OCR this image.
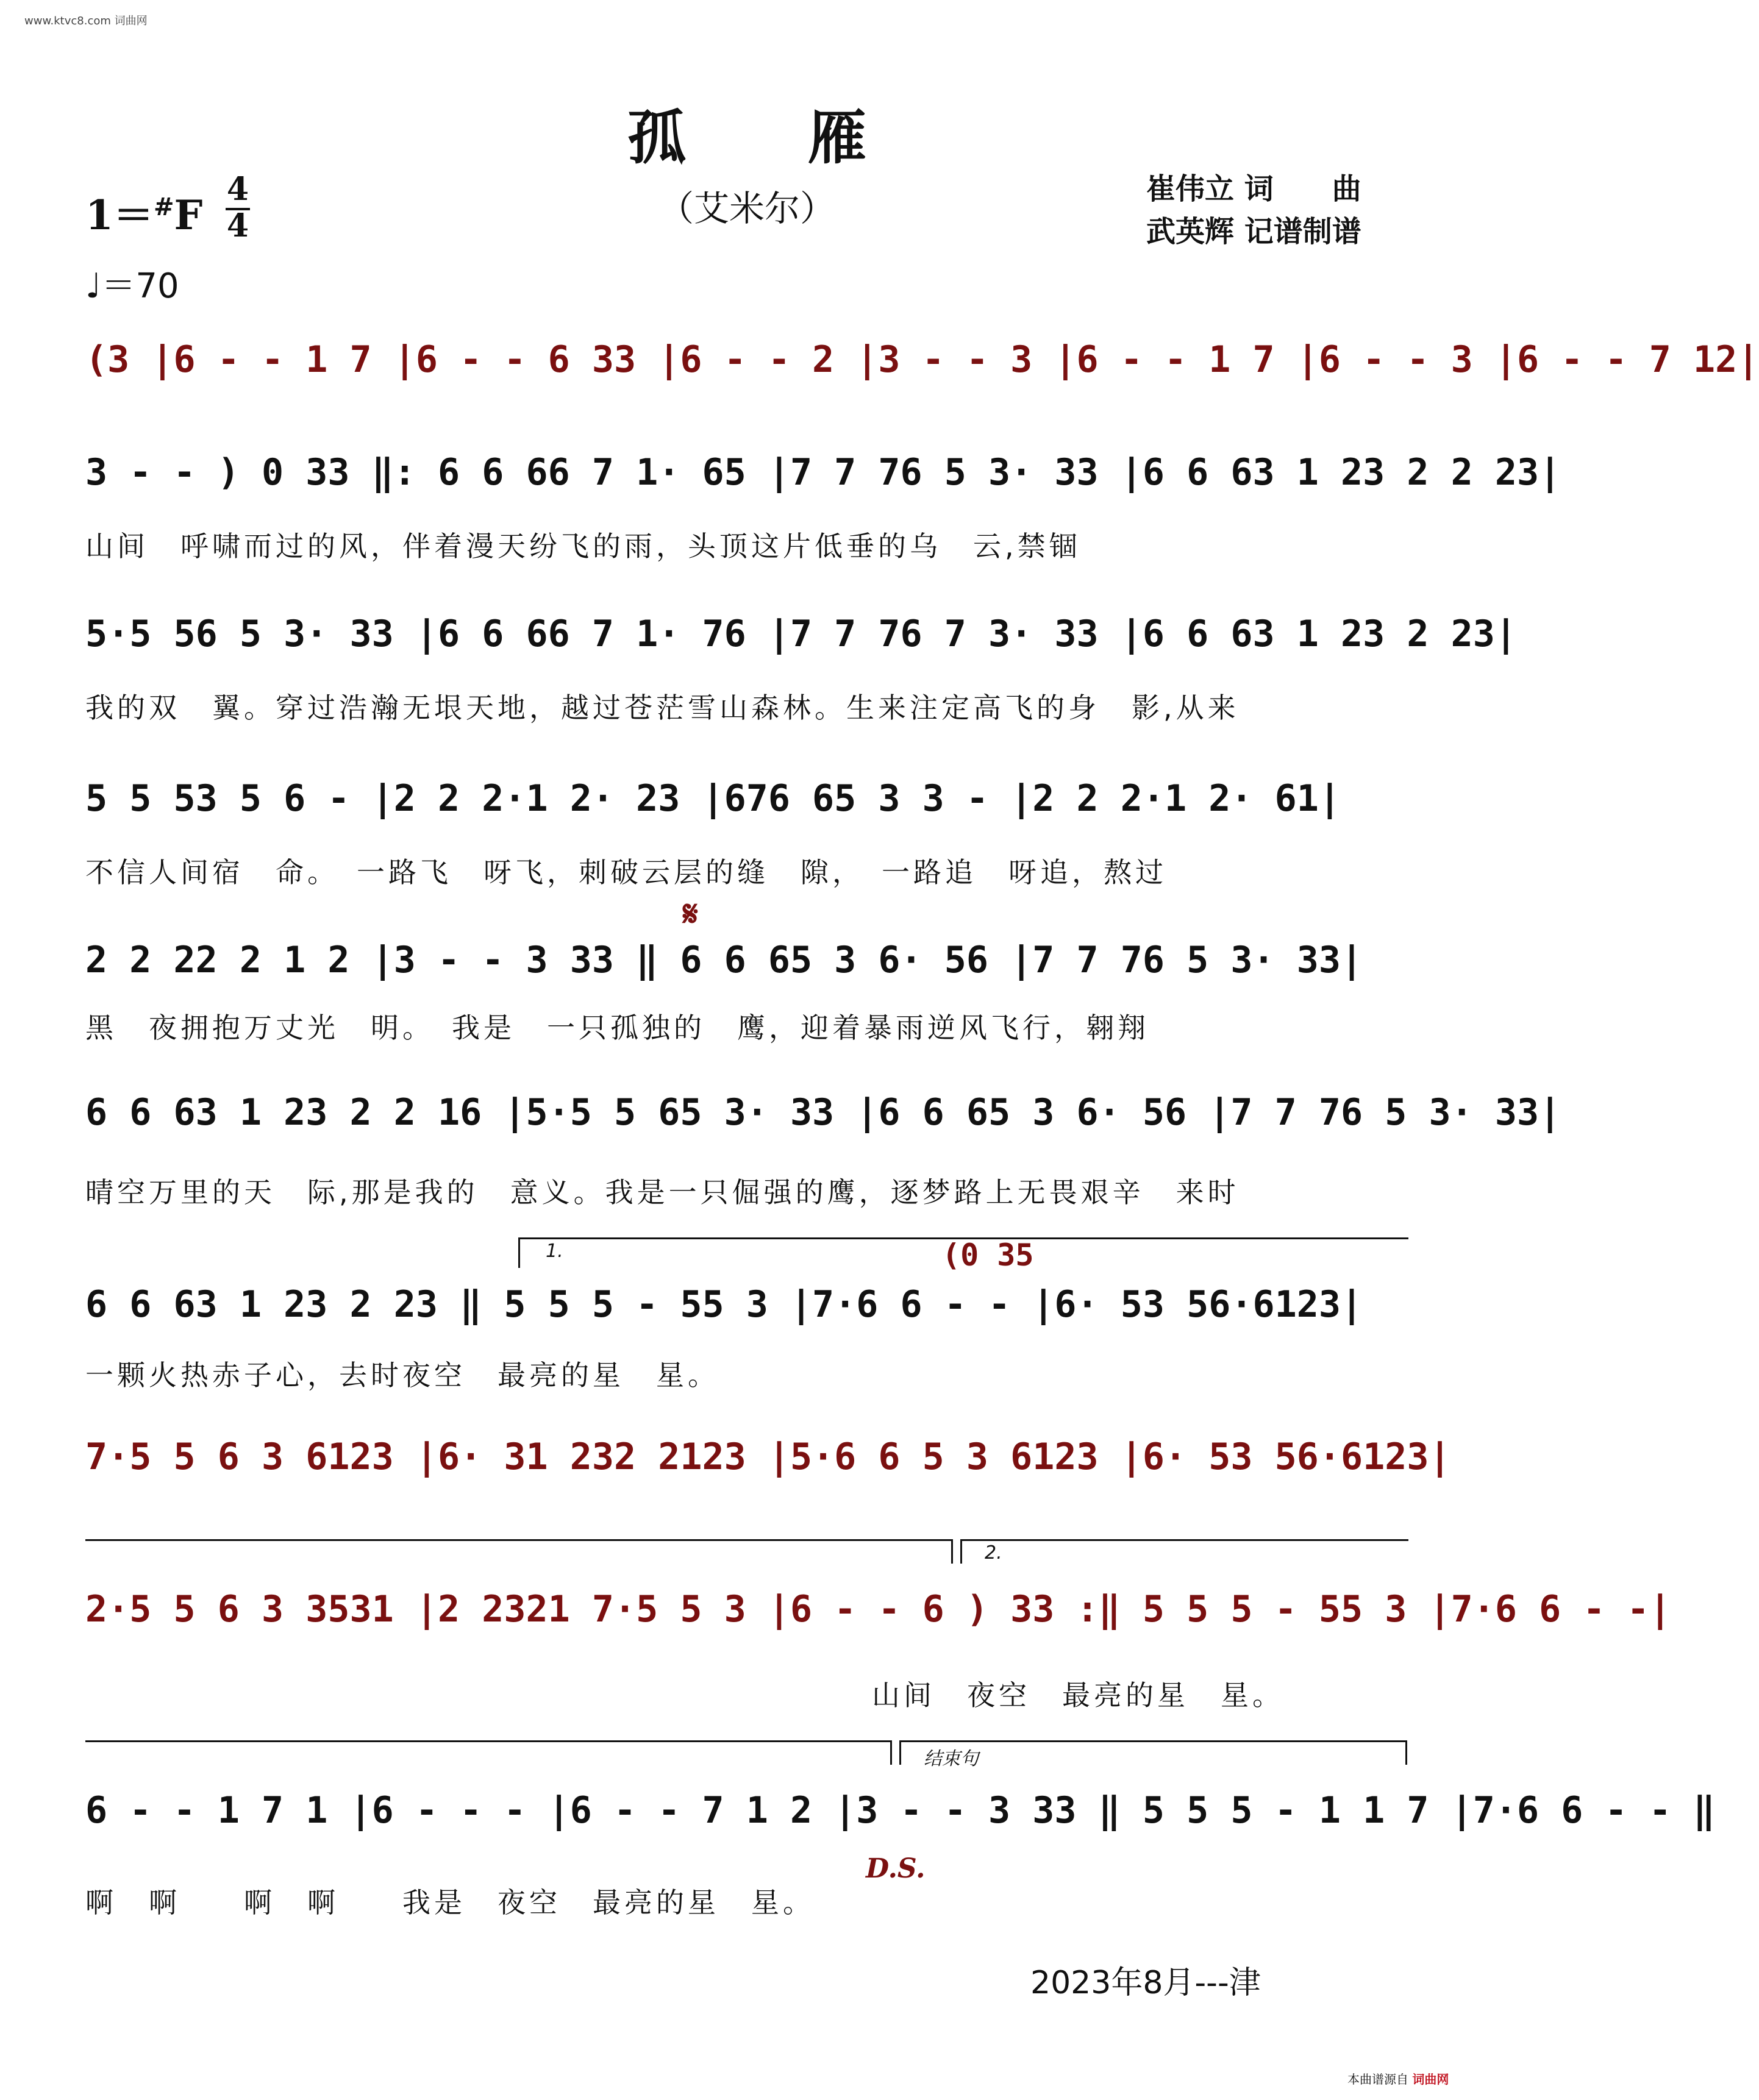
www.ktvc8.com 词曲网
孤雁
（艾米尔）
1＝#F
4
4
♩＝70
崔伟立 词　　曲
武英辉 记谱制谱
(3 |6 - - 1 7 |6 - - 6 33 |6 - - 2 |3 - - 3 |6 - - 1 7 |6 - - 3 |6 - - 7 12|
3 - - ) 0 33 ‖: 6 6 66 7 1· 65 |7 7 76 5 3· 33 |6 6 63 1 23 2 2 23|
山间　呼啸而过的风，伴着漫天纷飞的雨，头顶这片低垂的乌　云,禁锢
5·5 56 5 3· 33 |6 6 66 7 1· 76 |7 7 76 7 3· 33 |6 6 63 1 23 2 23|
我的双　翼。穿过浩瀚无垠天地，越过苍茫雪山森林。生来注定高飞的身　影,从来
5 5 53 5 6 - |2 2 2·1 2· 23 |676 65 3 3 - |2 2 2·1 2· 61|
不信人间宿　命。　一路飞　呀飞，刺破云层的缝　隙，　一路追　呀追，熬过
𝄋
2 2 22 2 1 2 |3 - - 3 33 ‖ 6 6 65 3 6· 56 |7 7 76 5 3· 33|
黑　夜拥抱万丈光　明。　我是　一只孤独的　鹰，迎着暴雨逆风飞行，翱翔
6 6 63 1 23 2 2 16 |5·5 5 65 3· 33 |6 6 65 3 6· 56 |7 7 76 5 3· 33|
晴空万里的天　际,那是我的　意义。我是一只倔强的鹰，逐梦路上无畏艰辛　来时
1.	(0 35
6 6 63 1 23 2 23 ‖ 5 5 5 - 55 3 |7·6 6 - - |6· 53 56·6123|
一颗火热赤子心，去时夜空　最亮的星　星。
7·5 5 6 3 6123 |6· 31 232 2123 |5·6 6 5 3 6123 |6· 53 56·6123|
2.
2·5 5 6 3 3531 |2 2321 7·5 5 3 |6 - - 6 ) 33 :‖ 5 5 5 - 55 3 |7·6 6 - -|
山间　夜空　最亮的星　星。
结束句
6 - - 1 7 1 |6 - - - |6 - - 7 1 2 |3 - - 3 33 ‖ 5 5 5 - 1 1 7 |7·6 6 - - ‖
D.S.
啊　啊　　啊　啊　　我是　夜空　最亮的星　星。
2023年8月---津
本曲谱源自 词曲网
